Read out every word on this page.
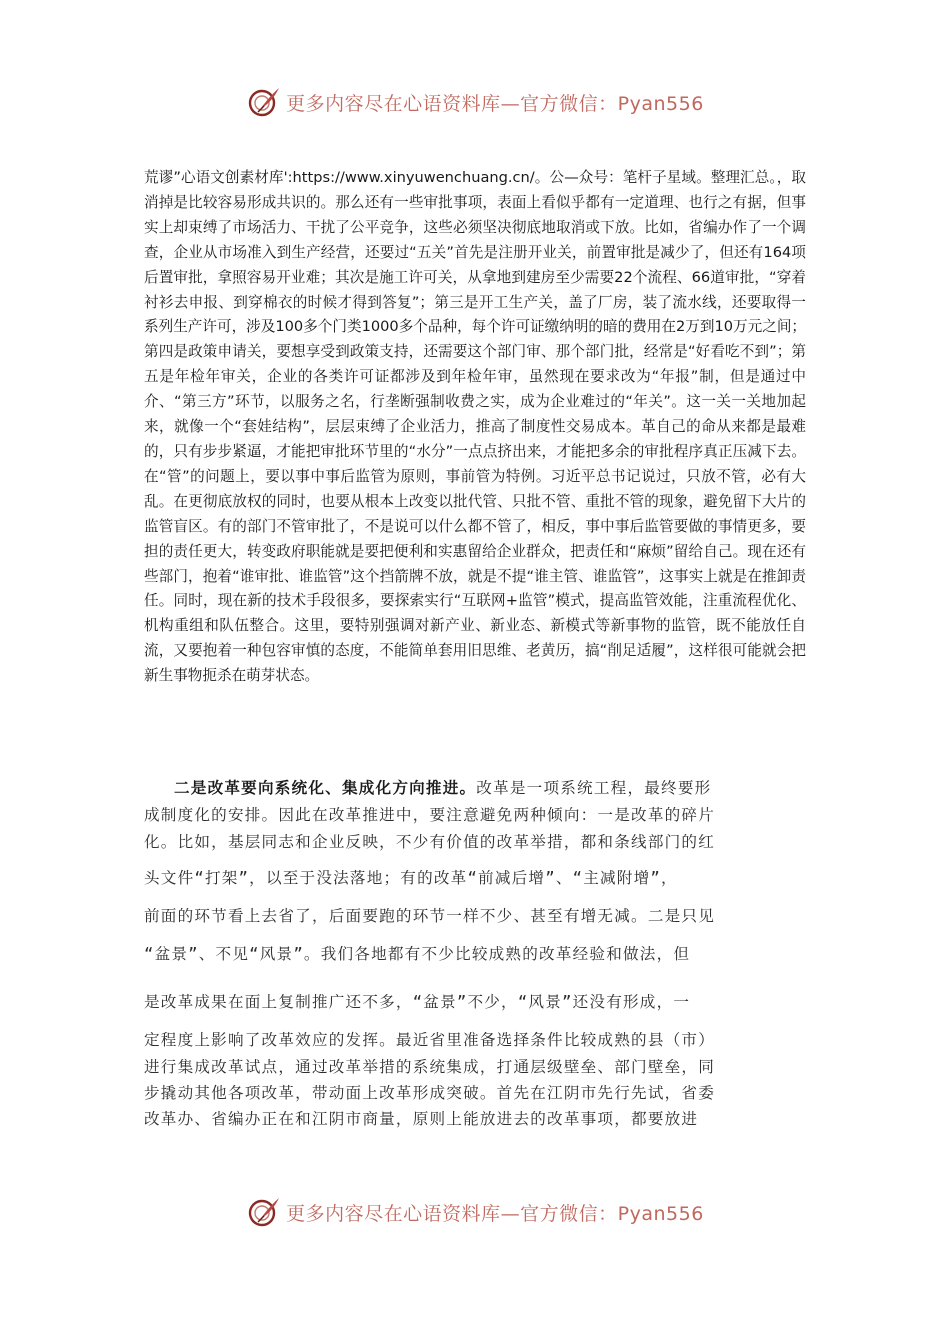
更多内容尽在心语资料库—官方微信：Pyan556

荒谬”心语文创素材库':https://www.xinyuwenchuang.cn/。公—众号：笔杆子星域。整理汇总。，取消掉是比较容易形成共识的。那么还有一些审批事项，表面上看似乎都有一定道理、也行之有据，但事实上却束缚了市场活力、干扰了公平竞争，这些必须坚决彻底地取消或下放。比如，省编办作了一个调查，企业从市场准入到生产经营，还要过“五关”首先是注册开业关，前置审批是减少了，但还有164项后置审批，拿照容易开业难；其次是施工许可关，从拿地到建房至少需要22个流程、66道审批，“穿着衬衫去申报、到穿棉衣的时候才得到答复”；第三是开工生产关，盖了厂房，装了流水线，还要取得一系列生产许可，涉及100多个门类1000多个品种，每个许可证缴纳明的暗的费用在2万到10万元之间；第四是政策申请关，要想享受到政策支持，还需要这个部门审、那个部门批，经常是“好看吃不到”；第五是年检年审关，企业的各类许可证都涉及到年检年审，虽然现在要求改为“年报”制，但是通过中介、“第三方”环节，以服务之名，行垄断强制收费之实，成为企业难过的“年关”。这一关一关地加起来，就像一个“套娃结构”，层层束缚了企业活力，推高了制度性交易成本。革自己的命从来都是最难的，只有步步紧逼，才能把审批环节里的“水分”一点点挤出来，才能把多余的审批程序真正压减下去。在“管”的问题上，要以事中事后监管为原则，事前管为特例。习近平总书记说过，只放不管，必有大乱。在更彻底放权的同时，也要从根本上改变以批代管、只批不管、重批不管的现象，避免留下大片的监管盲区。有的部门不管审批了，不是说可以什么都不管了，相反，事中事后监管要做的事情更多，要担的责任更大，转变政府职能就是要把便利和实惠留给企业群众，把责任和“麻烦”留给自己。现在还有些部门，抱着“谁审批、谁监管”这个挡箭牌不放，就是不提“谁主管、谁监管”，这事实上就是在推卸责任。同时，现在新的技术手段很多，要探索实行“互联网+监管”模式，提高监管效能，注重流程优化、机构重组和队伍整合。这里，要特别强调对新产业、新业态、新模式等新事物的监管，既不能放任自流，又要抱着一种包容审慎的态度，不能简单套用旧思维、老黄历，搞“削足适履”，这样很可能就会把新生事物扼杀在萌芽状态。

二是改革要向系统化、集成化方向推进。改革是一项系统工程，最终要形
成制度化的安排。因此在改革推进中，要注意避免两种倾向：一是改革的碎片
化。比如，基层同志和企业反映，不少有价值的改革举措，都和条线部门的红
头文件“打架”，以至于没法落地；有的改革“前减后增”、“主减附增”，
前面的环节看上去省了，后面要跑的环节一样不少、甚至有增无减。二是只见
“盆景”、不见“风景”。我们各地都有不少比较成熟的改革经验和做法，但
是改革成果在面上复制推广还不多，“盆景”不少，“风景”还没有形成，一
定程度上影响了改革效应的发挥。最近省里准备选择条件比较成熟的县（市）
进行集成改革试点，通过改革举措的系统集成，打通层级壁垒、部门壁垒，同
步撬动其他各项改革，带动面上改革形成突破。首先在江阴市先行先试，省委
改革办、省编办正在和江阴市商量，原则上能放进去的改革事项，都要放进
更多内容尽在心语资料库—官方微信：Pyan556
